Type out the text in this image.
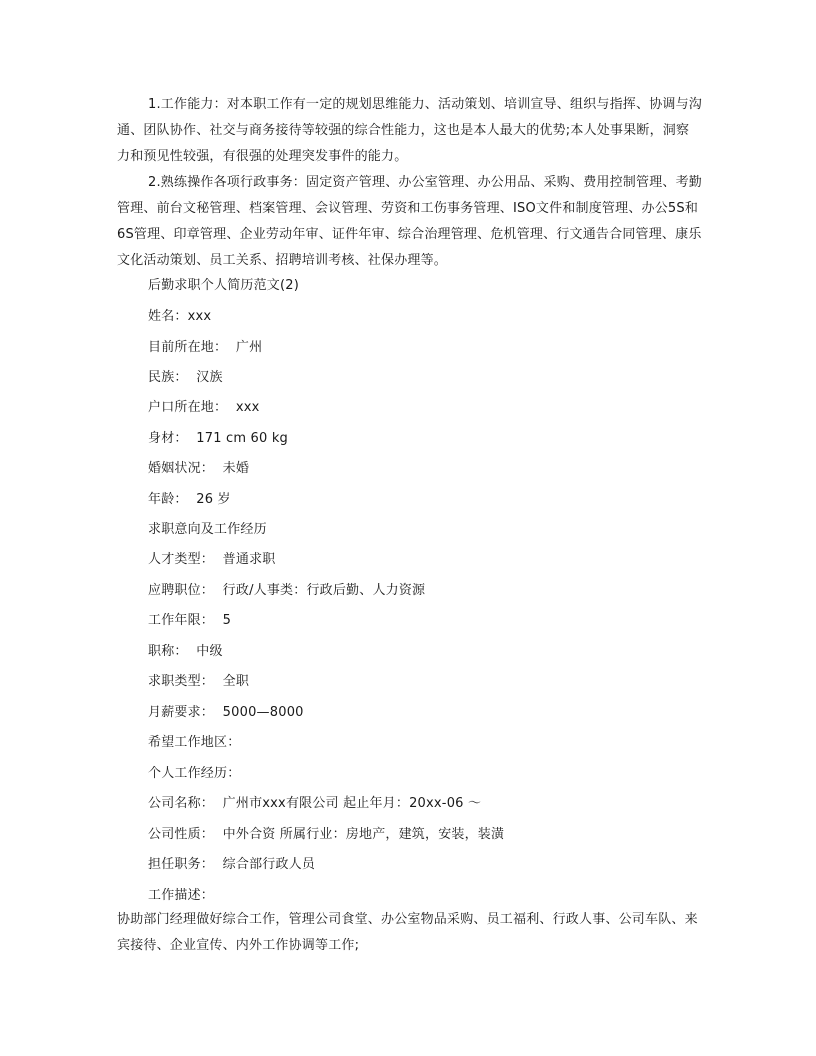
1.工作能力：对本职工作有一定的规划思维能力、活动策划、培训宣导、组织与指挥、协调与沟通、团队协作、社交与商务接待等较强的综合性能力，这也是本人最大的优势;本人处事果断，洞察力和预见性较强，有很强的处理突发事件的能力。

2.熟练操作各项行政事务：固定资产管理、办公室管理、办公用品、采购、费用控制管理、考勤管理、前台文秘管理、档案管理、会议管理、劳资和工伤事务管理、ISO文件和制度管理、办公5S和6S管理、印章管理、企业劳动年审、证件年审、综合治理管理、危机管理、行文通告合同管理、康乐文化活动策划、员工关系、招聘培训考核、社保办理等。

后勤求职个人简历范文(2)

姓名：xxx

目前所在地：  广州

民族：  汉族

户口所在地：  xxx

身材：  171 cm 60 kg

婚姻状况：  未婚

年龄：  26 岁

求职意向及工作经历

人才类型：  普通求职

应聘职位：  行政/人事类：行政后勤、人力资源

工作年限：  5

职称：  中级

求职类型：  全职

月薪要求：  5000—8000

希望工作地区：

个人工作经历：

公司名称：  广州市xxx有限公司 起止年月：20xx-06 ～

公司性质：  中外合资 所属行业：房地产，建筑，安装，装潢

担任职务：  综合部行政人员

工作描述：

协助部门经理做好综合工作，管理公司食堂、办公室物品采购、员工福利、行政人事、公司车队、来宾接待、企业宣传、内外工作协调等工作;
